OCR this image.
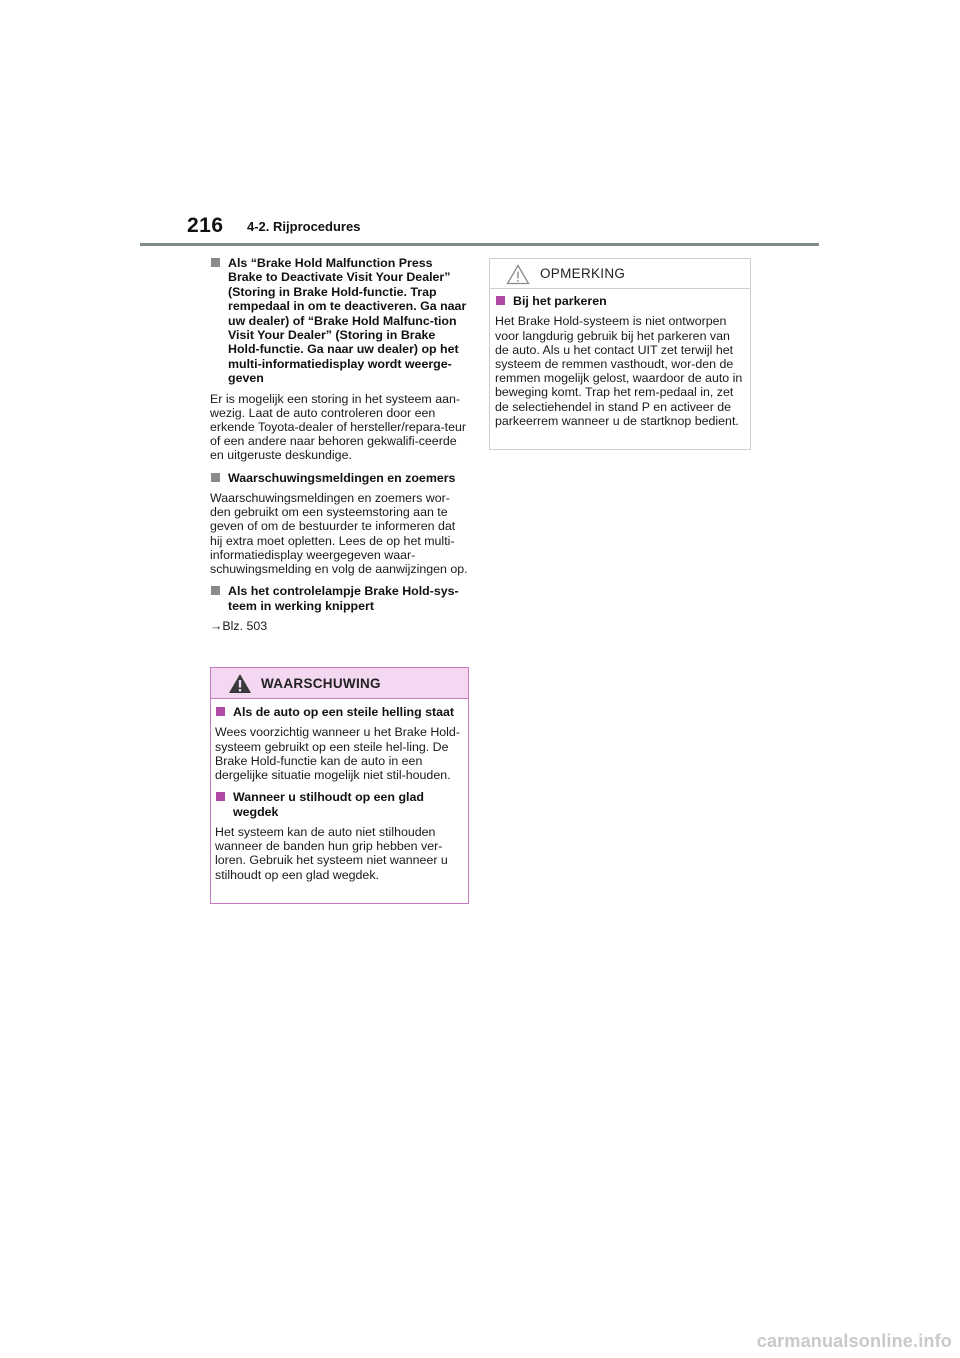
216 4-2. Rijprocedures
Als “Brake Hold Malfunction Press Brake to Deactivate Visit Your Dealer” (Storing in Brake Hold-functie. Trap rempedaal in om te deactiveren. Ga naar uw dealer) of “Brake Hold Malfunc-tion Visit Your Dealer” (Storing in Brake Hold-functie. Ga naar uw dealer) op het multi-informatiedisplay wordt weerge-geven

Er is mogelijk een storing in het systeem aan-wezig. Laat de auto controleren door een erkende Toyota-dealer of hersteller/repara-teur of een andere naar behoren gekwalifi-ceerde en uitgeruste deskundige.

Waarschuwingsmeldingen en zoemers

Waarschuwingsmeldingen en zoemers wor-den gebruikt om een systeemstoring aan te geven of om de bestuurder te informeren dat hij extra moet opletten. Lees de op het multi-informatiedisplay weergegeven waar-schuwingsmelding en volg de aanwijzingen op.

Als het controlelampje Brake Hold-sys-teem in werking knippert

→Blz. 503

WAARSCHUWING
Als de auto op een steile helling staat

Wees voorzichtig wanneer u het Brake Hold-systeem gebruikt op een steile hel-ling. De Brake Hold-functie kan de auto in een dergelijke situatie mogelijk niet stil-houden.

Wanneer u stilhoudt op een glad wegdek

Het systeem kan de auto niet stilhouden wanneer de banden hun grip hebben ver-loren. Gebruik het systeem niet wanneer u stilhoudt op een glad wegdek.

OPMERKING
Bij het parkeren

Het Brake Hold-systeem is niet ontworpen voor langdurig gebruik bij het parkeren van de auto. Als u het contact UIT zet terwijl het systeem de remmen vasthoudt, wor-den de remmen mogelijk gelost, waardoor de auto in beweging komt. Trap het rem-pedaal in, zet de selectiehendel in stand P en activeer de parkeerrem wanneer u de startknop bedient.

carmanualsonline.info
